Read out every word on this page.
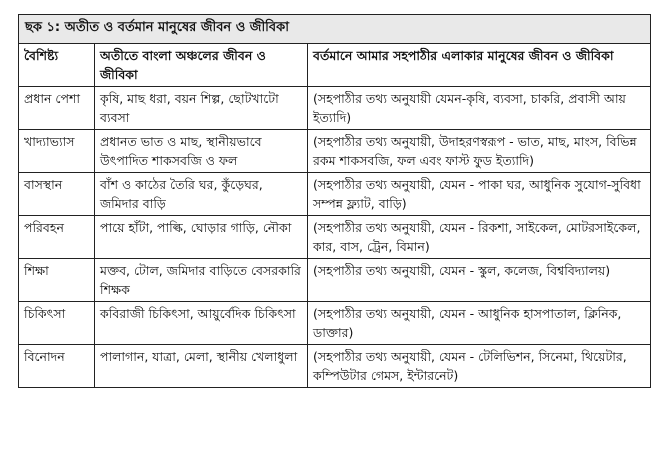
ছক ১: অতীত ও বর্তমান মানুষের জীবন ও জীবিকা		
বৈশিষ্ট্য	অতীতে বাংলা অঞ্চলের জীবন ও জীবিকা	বর্তমানে আমার সহপাঠীর এলাকার মানুষের জীবন ও জীবিকা
প্রধান পেশা	কৃষি, মাছ ধরা, বয়ন শিল্প, ছোটখাটো ব্যবসা	(সহপাঠীর তথ্য অনুযায়ী যেমন-কৃষি, ব্যবসা, চাকরি, প্রবাসী আয় ইত্যাদি)
খাদ্যাভ্যাস	প্রধানত ভাত ও মাছ, স্থানীয়ভাবে উৎপাদিত শাকসবজি ও ফল	(সহপাঠীর তথ্য অনুযায়ী, উদাহরণস্বরূপ - ভাত, মাছ, মাংস, বিভিন্ন রকম শাকসবজি, ফল এবং ফাস্ট ফুড ইত্যাদি)
বাসস্থান	বাঁশ ও কাঠের তৈরি ঘর, কুঁড়েঘর, জমিদার বাড়ি	(সহপাঠীর তথ্য অনুযায়ী, যেমন - পাকা ঘর, আধুনিক সুযোগ-সুবিধা সম্পন্ন ফ্ল্যাট, বাড়ি)
পরিবহন	পায়ে হাঁটা, পাল্কি, ঘোড়ার গাড়ি, নৌকা	(সহপাঠীর তথ্য অনুযায়ী, যেমন - রিকশা, সাইকেল, মোটরসাইকেল, কার, বাস, ট্রেন, বিমান)
শিক্ষা	মক্তব, টোল, জমিদার বাড়িতে বেসরকারি শিক্ষক	(সহপাঠীর তথ্য অনুযায়ী, যেমন - স্কুল, কলেজ, বিশ্ববিদ্যালয়)
চিকিৎসা	কবিরাজী চিকিৎসা, আয়ুর্বেদিক চিকিৎসা	(সহপাঠীর তথ্য অনুযায়ী, যেমন - আধুনিক হাসপাতাল, ক্লিনিক, ডাক্তার)
বিনোদন	পালাগান, যাত্রা, মেলা, স্থানীয় খেলাধুলা	(সহপাঠীর তথ্য অনুযায়ী, যেমন - টেলিভিশন, সিনেমা, থিয়েটার, কম্পিউটার গেমস, ইন্টারনেট)
